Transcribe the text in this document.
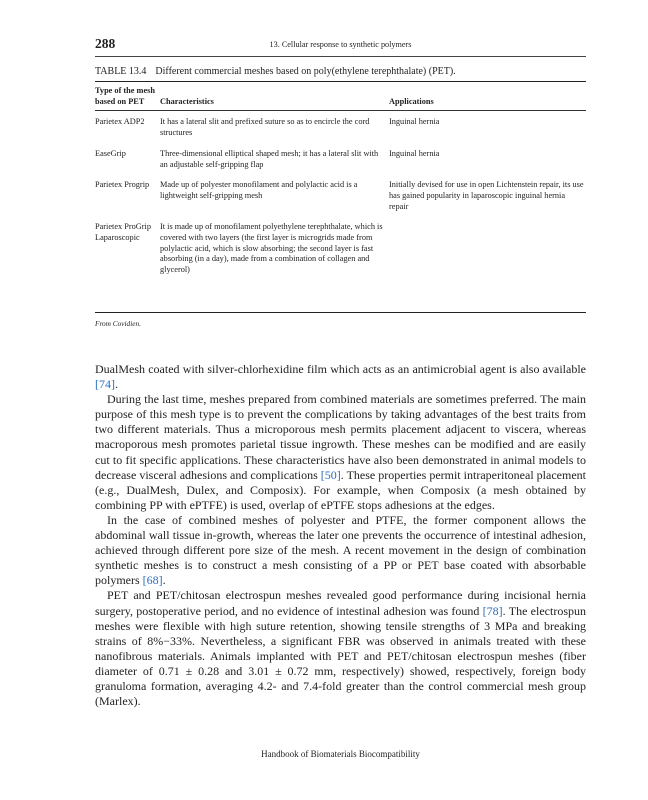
288	13. Cellular response to synthetic polymers
TABLE 13.4 Different commercial meshes based on poly(ethylene terephthalate) (PET).
Type of the mesh based on PET	Characteristics	Applications
Parietex ADP2	It has a lateral slit and prefixed suture so as to encircle the cord structures	Inguinal hernia
EaseGrip	Three-dimensional elliptical shaped mesh; it has a lateral slit with an adjustable self-gripping flap	Inguinal hernia
Parietex Progrip	Made up of polyester monofilament and polylactic acid is a lightweight self-gripping mesh	Initially devised for use in open Lichtenstein repair, its use has gained popularity in laparoscopic inguinal hernia repair
Parietex ProGrip Laparoscopic	It is made up of monofilament polyethylene terephthalate, which is covered with two layers (the first layer is microgrids made from polylactic acid, which is slow absorbing; the second layer is fast absorbing (in a day), made from a combination of collagen and glycerol)	
From Covidien.

DualMesh coated with silver-chlorhexidine film which acts as an antimicrobial agent is also available [74].

During the last time, meshes prepared from combined materials are sometimes preferred. The main purpose of this mesh type is to prevent the complications by taking advantages of the best traits from two different materials. Thus a microporous mesh permits placement adjacent to viscera, whereas macroporous mesh promotes parietal tissue ingrowth. These meshes can be modified and are easily cut to fit specific applications. These characteristics have also been demonstrated in animal models to decrease visceral adhesions and complications [50]. These properties permit intraperitoneal placement (e.g., DualMesh, Dulex, and Composix). For example, when Composix (a mesh obtained by combining PP with ePTFE) is used, overlap of ePTFE stops adhesions at the edges.

In the case of combined meshes of polyester and PTFE, the former component allows the abdominal wall tissue in-growth, whereas the later one prevents the occurrence of intestinal adhesion, achieved through different pore size of the mesh. A recent movement in the design of combination synthetic meshes is to construct a mesh consisting of a PP or PET base coated with absorbable polymers [68].

PET and PET/chitosan electrospun meshes revealed good performance during incisional hernia surgery, postoperative period, and no evidence of intestinal adhesion was found [78]. The electrospun meshes were flexible with high suture retention, showing tensile strengths of 3 MPa and breaking strains of 8%−33%. Nevertheless, a significant FBR was observed in animals treated with these nanofibrous materials. Animals implanted with PET and PET/chitosan electrospun meshes (fiber diameter of 0.71 ± 0.28 and 3.01 ± 0.72 mm, respectively) showed, respectively, foreign body granuloma formation, averaging 4.2- and 7.4-fold greater than the control commercial mesh group (Marlex).

Handbook of Biomaterials Biocompatibility
